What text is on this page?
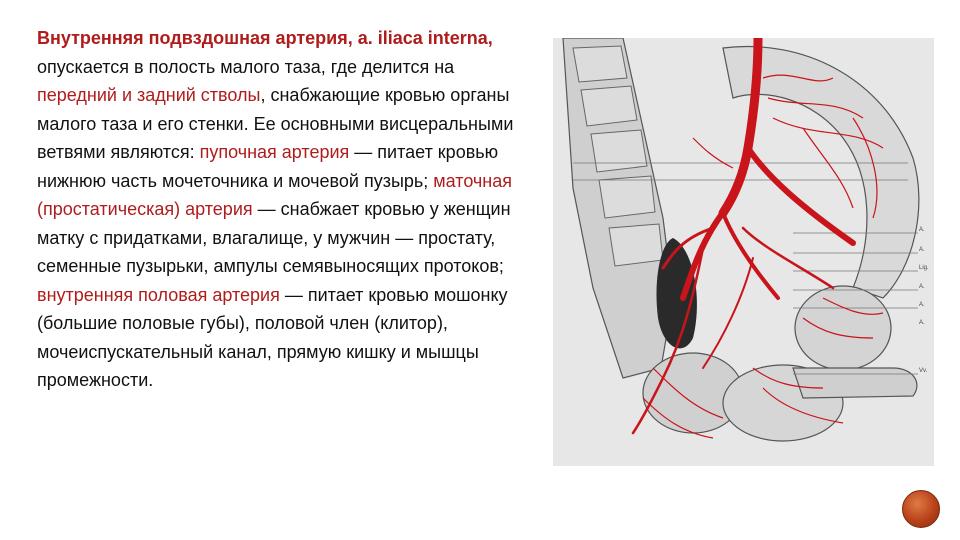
Внутренняя подвздошная артерия, a. iliaca interna, опускается в полость малого таза, где делится на передний и задний стволы, снабжающие кровью органы малого таза и его стенки. Ее основными висцеральными ветвями являются: пупочная артерия — питает кровью нижнюю часть мочеточника и мочевой пузырь; маточная (простатическая) артерия — снабжает кровью у женщин матку с придатками, влагалище, у мужчин — простату, семенные пузырьки, ампулы семявыносящих протоков; внутренняя половая артерия — питает кровью мошонку (большие половые губы), половой член (клитор), мочеиспускательный канал, прямую кишку и мышцы промежности.

A.
A.
Lig.
A.
A.
A.
Vv.
